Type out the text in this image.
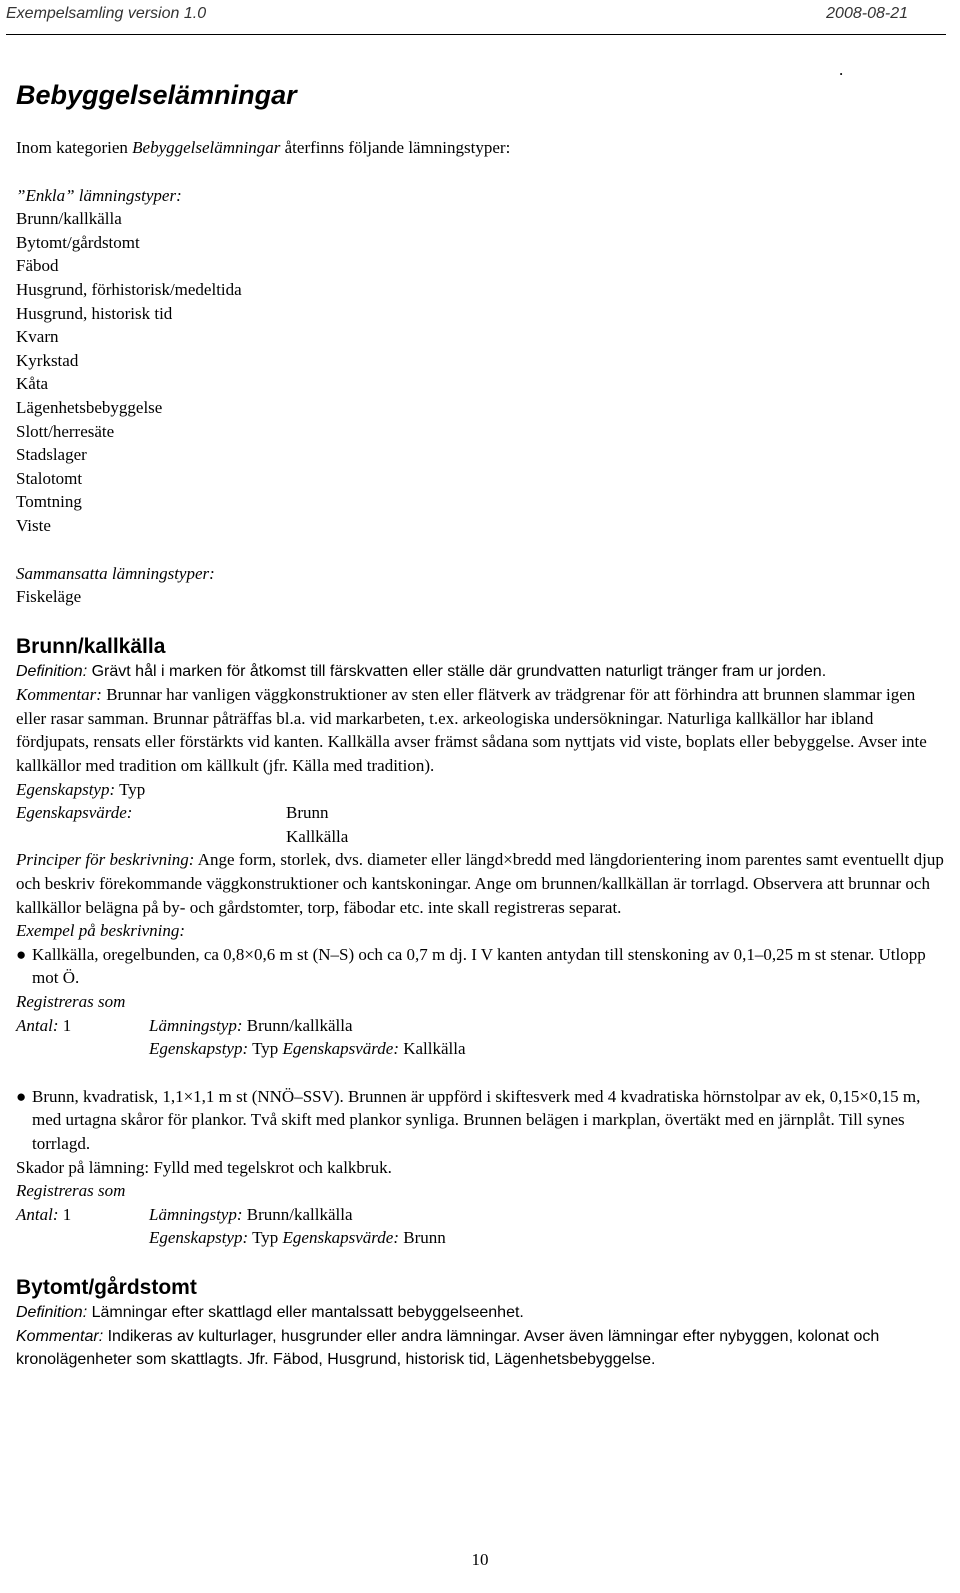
Exempelsamling version 1.0	2008-08-21
.
Bebyggelselämningar

Inom kategorien Bebyggelselämningar återfinns följande lämningstyper:

”Enkla” lämningstyper:

Brunn/kallkälla
Bytomt/gårdstomt
Fäbod
Husgrund, förhistorisk/medeltida
Husgrund, historisk tid
Kvarn
Kyrkstad
Kåta
Lägenhetsbebyggelse
Slott/herresäte
Stadslager
Stalotomt
Tomtning
Viste

Sammansatta lämningstyper:

Fiskeläge
Brunn/kallkälla

Definition: Grävt hål i marken för åtkomst till färskvatten eller ställe där grundvatten naturligt tränger fram ur jorden.

Kommentar: Brunnar har vanligen väggkonstruktioner av sten eller flätverk av trädgrenar för att förhindra att brunnen slammar igen eller rasar samman. Brunnar påträffas bl.a. vid markarbeten, t.ex. arkeologiska undersökningar. Naturliga kallkällor har ibland fördjupats, rensats eller förstärkts vid kanten. Kallkälla avser främst sådana som nyttjats vid viste, boplats eller bebyggelse. Avser inte kallkällor med tradition om källkult (jfr. Källa med tradition).

Egenskapstyp: Typ

Egenskapsvärde:	Brunn
Kallkälla

Principer för beskrivning: Ange form, storlek, dvs. diameter eller längd×bredd med längdorientering inom parentes samt eventuellt djup och beskriv förekommande väggkonstruktioner och kantskoningar. Ange om brunnen/kallkällan är torrlagd. Observera att brunnar och kallkällor belägna på by- och gårdstomter, torp, fäbodar etc. inte skall registreras separat.

Exempel på beskrivning:

● Kallkälla, oregelbunden, ca 0,8×0,6 m st (N–S) och ca 0,7 m dj. I V kanten antydan till stenskoning av 0,1–0,25 m st stenar. Utlopp mot Ö.

Registreras som

Antal: 1	Lämningstyp: Brunn/kallkälla
Egenskapstyp: Typ Egenskapsvärde: Kallkälla
● Brunn, kvadratisk, 1,1×1,1 m st (NNÖ–SSV). Brunnen är uppförd i skiftesverk med 4 kvadratiska hörnstolpar av ek, 0,15×0,15 m, med urtagna skåror för plankor. Två skift med plankor synliga. Brunnen belägen i markplan, övertäkt med en järnplåt. Till synes torrlagd.

Skador på lämning: Fylld med tegelskrot och kalkbruk.

Registreras som

Antal: 1	Lämningstyp: Brunn/kallkälla
Egenskapstyp: Typ Egenskapsvärde: Brunn
Bytomt/gårdstomt

Definition: Lämningar efter skattlagd eller mantalssatt bebyggelseenhet.

Kommentar: Indikeras av kulturlager, husgrunder eller andra lämningar. Avser även lämningar efter nybyggen, kolonat och kronolägenheter som skattlagts. Jfr. Fäbod, Husgrund, historisk tid, Lägenhetsbebyggelse.

10
